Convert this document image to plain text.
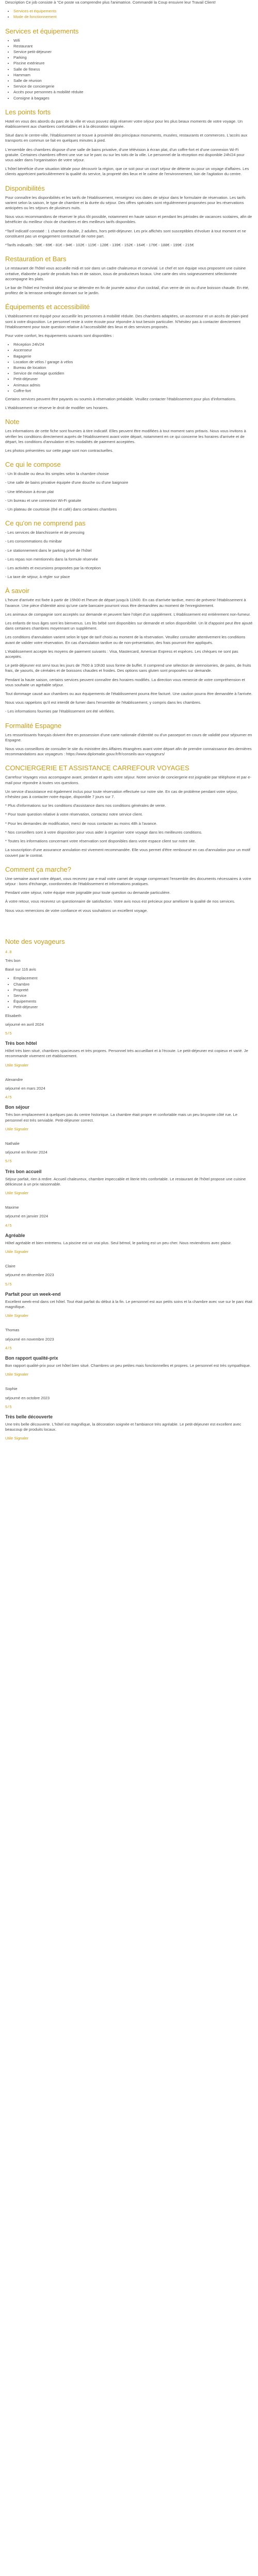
Description Ce job consiste à "Ce poste va comprendre plus l'animatrice. Commandé la Coup ensuivre leur Travail Client!

• Services et équipements
• Mode de fonctionnement
Services et équipements
• Wifi
• Restaurant
• Service petit-déjeuner
• Parking
• Piscine extérieure
• Salle de fitness
• Hammam
• Salle de réunion
• Service de conciergerie
• Accès pour personnes à mobilité réduite
• Consigne à bagages
Les points forts

Hotel en vous des abords du parc de la ville et vous pouvez déjà réserver votre séjour pour les plus beaux moments de votre voyage. Un établissement aux chambres confortables et à la décoration soignée.

Situé dans le centre-ville, l'établissement se trouve à proximité des principaux monuments, musées, restaurants et commerces. L'accès aux transports en commun se fait en quelques minutes à pied.

L'ensemble des chambres dispose d'une salle de bains privative, d'une télévision à écran plat, d'un coffre-fort et d'une connexion Wi-Fi gratuite. Certaines chambres offrent une vue sur le parc ou sur les toits de la ville. Le personnel de la réception est disponible 24h/24 pour vous aider dans l'organisation de votre séjour.

L'hôtel bénéficie d'une situation idéale pour découvrir la région, que ce soit pour un court séjour de détente ou pour un voyage d'affaires. Les clients apprécient particulièrement la qualité du service, la propreté des lieux et le calme de l'environnement, loin de l'agitation du centre.

Disponibilités

Pour connaître les disponibilités et les tarifs de l'établissement, renseignez vos dates de séjour dans le formulaire de réservation. Les tarifs varient selon la saison, le type de chambre et la durée du séjour. Des offres spéciales sont régulièrement proposées pour les réservations anticipées ou les séjours de plusieurs nuits.

Nous vous recommandons de réserver le plus tôt possible, notamment en haute saison et pendant les périodes de vacances scolaires, afin de bénéficier du meilleur choix de chambres et des meilleurs tarifs disponibles.

*Tarif indicatif constaté : 1 chambre double, 2 adultes, hors petit-déjeuner. Les prix affichés sont susceptibles d'évoluer à tout moment et ne constituent pas un engagement contractuel de notre part.

*Tarifs indicatifs : 58€ - 69€ - 81€ - 94€ - 102€ - 115€ - 128€ - 139€ - 152€ - 164€ - 176€ - 188€ - 199€ - 215€

Restauration et Bars

Le restaurant de l'hôtel vous accueille midi et soir dans un cadre chaleureux et convivial. Le chef et son équipe vous proposent une cuisine créative, élaborée à partir de produits frais et de saison, issus de producteurs locaux. Une carte des vins soigneusement sélectionnée accompagne les plats.

Le bar de l'hôtel est l'endroit idéal pour se détendre en fin de journée autour d'un cocktail, d'un verre de vin ou d'une boisson chaude. En été, profitez de la terrasse ombragée donnant sur le jardin.

Équipements et accessibilité

L'établissement est équipé pour accueillir les personnes à mobilité réduite. Des chambres adaptées, un ascenseur et un accès de plain-pied sont à votre disposition. Le personnel reste à votre écoute pour répondre à tout besoin particulier. N'hésitez pas à contacter directement l'établissement pour toute question relative à l'accessibilité des lieux et des services proposés.

Pour votre confort, les équipements suivants sont disponibles :

• Réception 24h/24
• Ascenseur
• Bagagerie
• Location de vélos / garage à vélos
• Bureau de location
• Service de ménage quotidien
• Petit-déjeuner
• Animaux admis
• Coffre-fort

Certains services peuvent être payants ou soumis à réservation préalable. Veuillez contacter l'établissement pour plus d'informations.

L'établissement se réserve le droit de modifier ses horaires.

Note

Les informations de cette fiche sont fournies à titre indicatif. Elles peuvent être modifiées à tout moment sans préavis. Nous vous invitons à vérifier les conditions directement auprès de l'établissement avant votre départ, notamment en ce qui concerne les horaires d'arrivée et de départ, les conditions d'annulation et les modalités de paiement acceptées.

Les photos présentées sur cette page sont non contractuelles.

Ce qui le compose

- Un lit double ou deux lits simples selon la chambre choisie

- Une salle de bains privative équipée d'une douche ou d'une baignoire

- Une télévision à écran plat

- Un bureau et une connexion Wi-Fi gratuite

- Un plateau de courtoisie (thé et café) dans certaines chambres

Ce qu'on ne comprend pas

- Les services de blanchisserie et de pressing

- Les consommations du minibar

- Le stationnement dans le parking privé de l'hôtel

- Les repas non mentionnés dans la formule réservée

- Les activités et excursions proposées par la réception

- La taxe de séjour, à régler sur place

À savoir

L'heure d'arrivée est fixée à partir de 15h00 et l'heure de départ jusqu'à 11h00. En cas d'arrivée tardive, merci de prévenir l'établissement à l'avance. Une pièce d'identité ainsi qu'une carte bancaire pourront vous être demandées au moment de l'enregistrement.

Les animaux de compagnie sont acceptés sur demande et peuvent faire l'objet d'un supplément. L'établissement est entièrement non-fumeur.

Les enfants de tous âges sont les bienvenus. Les lits bébé sont disponibles sur demande et selon disponibilité. Un lit d'appoint peut être ajouté dans certaines chambres moyennant un supplément.

Les conditions d'annulation varient selon le type de tarif choisi au moment de la réservation. Veuillez consulter attentivement les conditions avant de valider votre réservation. En cas d'annulation tardive ou de non-présentation, des frais pourront être appliqués.

L'établissement accepte les moyens de paiement suivants : Visa, Mastercard, American Express et espèces. Les chèques ne sont pas acceptés.

Le petit-déjeuner est servi tous les jours de 7h00 à 10h30 sous forme de buffet. Il comprend une sélection de viennoiseries, de pains, de fruits frais, de yaourts, de céréales et de boissons chaudes et froides. Des options sans gluten sont proposées sur demande.

Pendant la haute saison, certains services peuvent connaître des horaires modifiés. La direction vous remercie de votre compréhension et vous souhaite un agréable séjour.

Tout dommage causé aux chambres ou aux équipements de l'établissement pourra être facturé. Une caution pourra être demandée à l'arrivée.

Nous vous rappelons qu'il est interdit de fumer dans l'ensemble de l'établissement, y compris dans les chambres.

- Les informations fournies par l'établissement ont été vérifiées.

Formalité Espagne

Les ressortissants français doivent être en possession d'une carte nationale d'identité ou d'un passeport en cours de validité pour séjourner en Espagne.

Nous vous conseillons de consulter le site du ministère des Affaires étrangères avant votre départ afin de prendre connaissance des dernières recommandations aux voyageurs : https://www.diplomatie.gouv.fr/fr/conseils-aux-voyageurs/

CONCIERGERIE ET ASSISTANCE CARREFOUR VOYAGES

Carrefour Voyages vous accompagne avant, pendant et après votre séjour. Notre service de conciergerie est joignable par téléphone et par e-mail pour répondre à toutes vos questions.

Un service d'assistance est également inclus pour toute réservation effectuée sur notre site. En cas de problème pendant votre séjour, n'hésitez pas à contacter notre équipe, disponible 7 jours sur 7.

* Plus d'informations sur les conditions d'assistance dans nos conditions générales de vente.

* Pour toute question relative à votre réservation, contactez notre service client.

* Pour les demandes de modification, merci de nous contacter au moins 48h à l'avance.

* Nos conseillers sont à votre disposition pour vous aider à organiser votre voyage dans les meilleures conditions.

* Toutes les informations concernant votre réservation sont disponibles dans votre espace client sur notre site.

La souscription d'une assurance annulation est vivement recommandée. Elle vous permet d'être remboursé en cas d'annulation pour un motif couvert par le contrat.

Comment ça marche?

Une semaine avant votre départ, vous recevrez par e-mail votre carnet de voyage comprenant l'ensemble des documents nécessaires à votre séjour : bons d'échange, coordonnées de l'établissement et informations pratiques.

Pendant votre séjour, notre équipe reste joignable pour toute question ou demande particulière.

À votre retour, vous recevrez un questionnaire de satisfaction. Votre avis nous est précieux pour améliorer la qualité de nos services.

Nous vous remercions de votre confiance et vous souhaitons un excellent voyage.

Note des voyageurs

4.8

Très bon

Basé sur 116 avis

• Emplacement
• Chambre
• Propreté
• Service
• Équipements
• Petit-déjeuner

Elisabeth

séjourné en avril 2024

5/5

Très bon hôtel

Hôtel très bien situé, chambres spacieuses et très propres. Personnel très accueillant et à l'écoute. Le petit-déjeuner est copieux et varié. Je recommande vivement cet établissement.

Utile Signaler

Alexandre

séjourné en mars 2024

4/5

Bon séjour

Très bon emplacement à quelques pas du centre historique. La chambre était propre et confortable mais un peu bruyante côté rue. Le personnel est très serviable. Petit-déjeuner correct.

Utile Signaler

Nathalie

séjourné en février 2024

5/5

Très bon accueil

Séjour parfait, rien à redire. Accueil chaleureux, chambre impeccable et literie très confortable. Le restaurant de l'hôtel propose une cuisine délicieuse à un prix raisonnable.

Utile Signaler

Maxime

séjourné en janvier 2024

4/5

Agréable

Hôtel agréable et bien entretenu. La piscine est un vrai plus. Seul bémol, le parking est un peu cher. Nous reviendrons avec plaisir.

Utile Signaler

Claire

séjourné en décembre 2023

5/5

Parfait pour un week-end

Excellent week-end dans cet hôtel. Tout était parfait du début à la fin. Le personnel est aux petits soins et la chambre avec vue sur le parc était magnifique.

Utile Signaler

Thomas

séjourné en novembre 2023

4/5

Bon rapport qualité-prix

Bon rapport qualité-prix pour cet hôtel bien situé. Chambres un peu petites mais fonctionnelles et propres. Le personnel est très sympathique.

Utile Signaler

Sophie

séjourné en octobre 2023

5/5

Très belle découverte

Une très belle découverte. L'hôtel est magnifique, la décoration soignée et l'ambiance très agréable. Le petit-déjeuner est excellent avec beaucoup de produits locaux.

Utile Signaler
